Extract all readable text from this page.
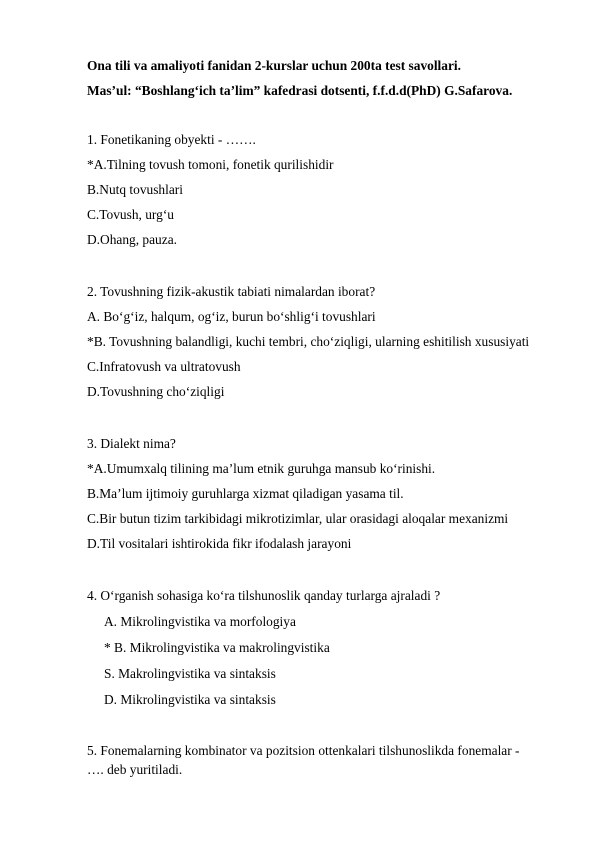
Ona tili va amaliyoti fanidan 2-kurslar uchun 200ta test savollari.
Mas’ul: “Boshlang‘ich ta’lim” kafedrasi dotsenti, f.f.d.d(PhD) G.Safarova.
1. Fonetikaning obyekti - …….
*A.Tilning tovush tomoni, fonetik qurilishidir
B.Nutq tovushlari
C.Tovush, urg‘u
D.Ohang, pauza.
2. Tovushning fizik-akustik tabiati nimalardan iborat?
A. Bo‘g‘iz, halqum, og‘iz, burun bo‘shlig‘i tovushlari
*B. Tovushning balandligi, kuchi tembri, cho‘ziqligi, ularning eshitilish xususiyati
C.Infratovush va ultratovush
D.Tovushning cho‘ziqligi
3. Dialekt nima?
*A.Umumxalq tilining ma’lum etnik guruhga mansub ko‘rinishi.
B.Ma’lum ijtimoiy guruhlarga xizmat qiladigan yasama til.
C.Bir butun tizim tarkibidagi mikrotizimlar, ular orasidagi aloqalar mexanizmi
D.Til vositalari ishtirokida fikr ifodalash jarayoni
4. O‘rganish sohasiga ko‘ra tilshunoslik qanday turlarga ajraladi ?
A. Mikrolingvistika va morfologiya
* B. Mikrolingvistika va makrolingvistika
S. Makrolingvistika va sintaksis
D. Mikrolingvistika va sintaksis
5. Fonemalarning kombinator va pozitsion ottenkalari tilshunoslikda fonemalar -
…. deb yuritiladi.
